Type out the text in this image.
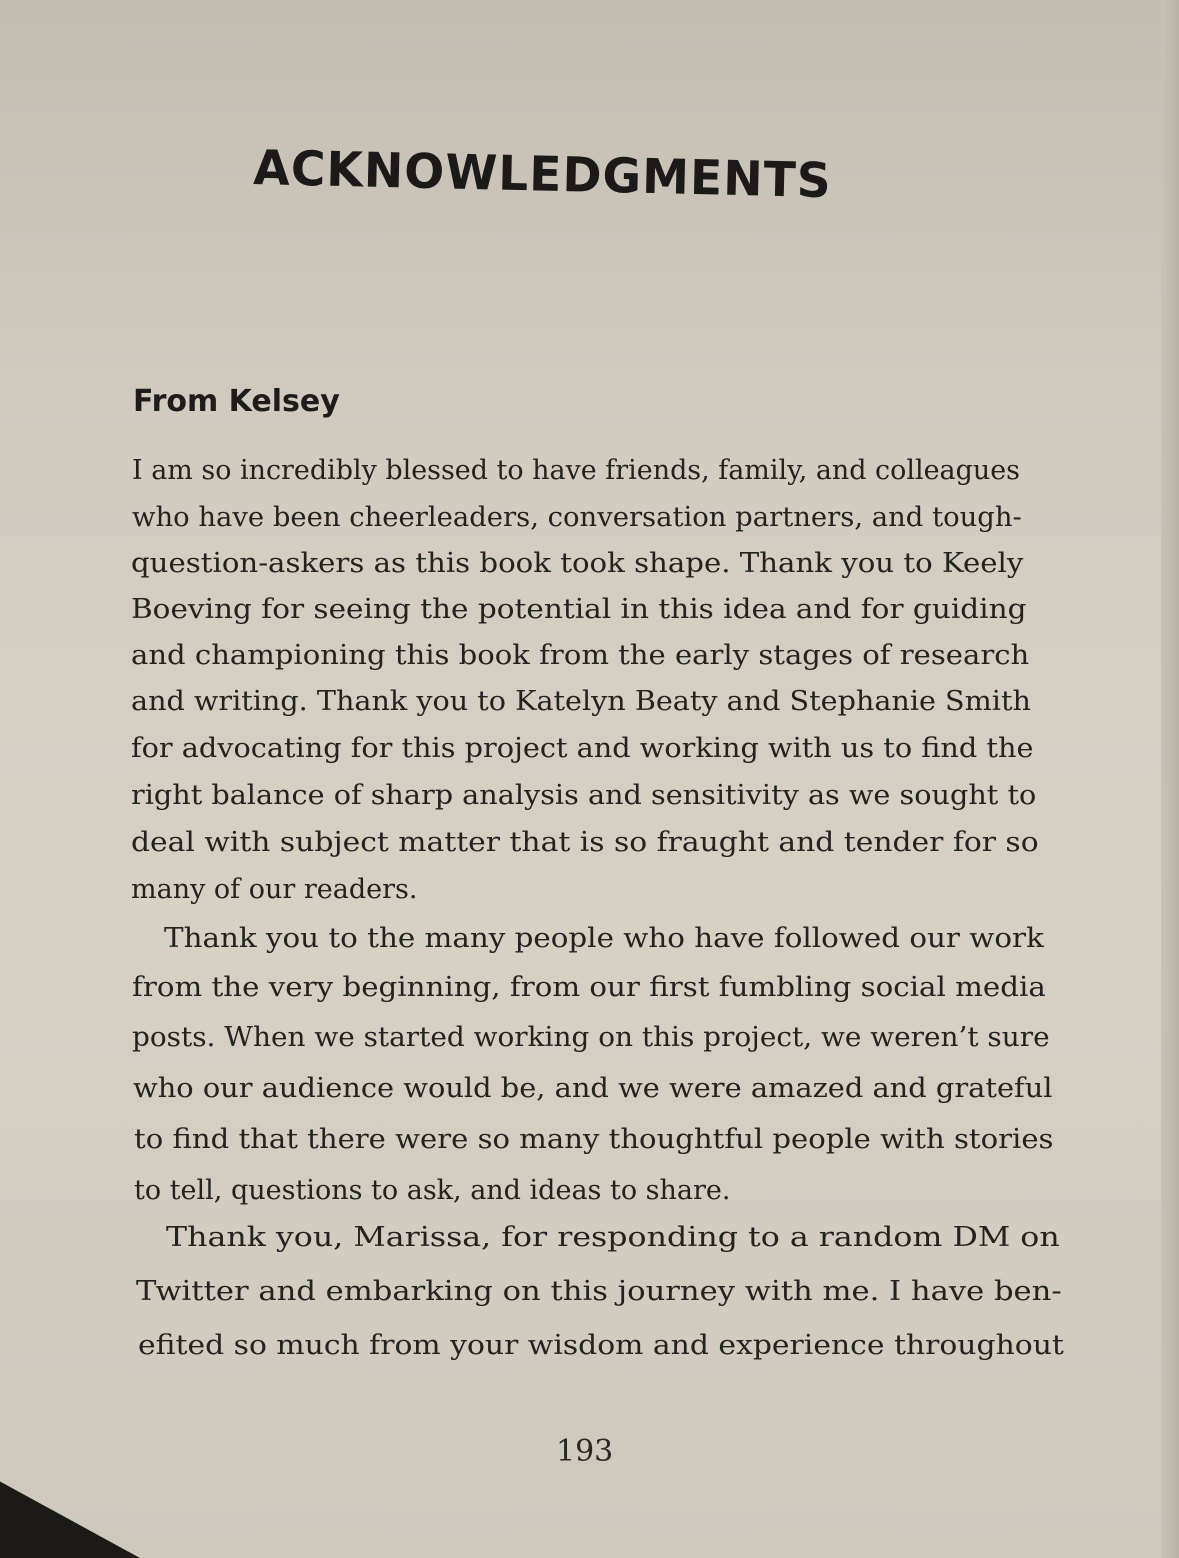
ACKNOWLEDGMENTS
From Kelsey

I am so incredibly blessed to have friends, family, and colleagues

who have been cheerleaders, conversation partners, and tough-

question-askers as this book took shape. Thank you to Keely

Boeving for seeing the potential in this idea and for guiding

and championing this book from the early stages of research

and writing. Thank you to Katelyn Beaty and Stephanie Smith

for advocating for this project and working with us to find the

right balance of sharp analysis and sensitivity as we sought to

deal with subject matter that is so fraught and tender for so

many of our readers.

Thank you to the many people who have followed our work

from the very beginning, from our first fumbling social media

posts. When we started working on this project, we weren’t sure

who our audience would be, and we were amazed and grateful

to find that there were so many thoughtful people with stories

to tell, questions to ask, and ideas to share.

Thank you, Marissa, for responding to a random DM on

Twitter and embarking on this journey with me. I have ben-

efited so much from your wisdom and experience throughout

193
